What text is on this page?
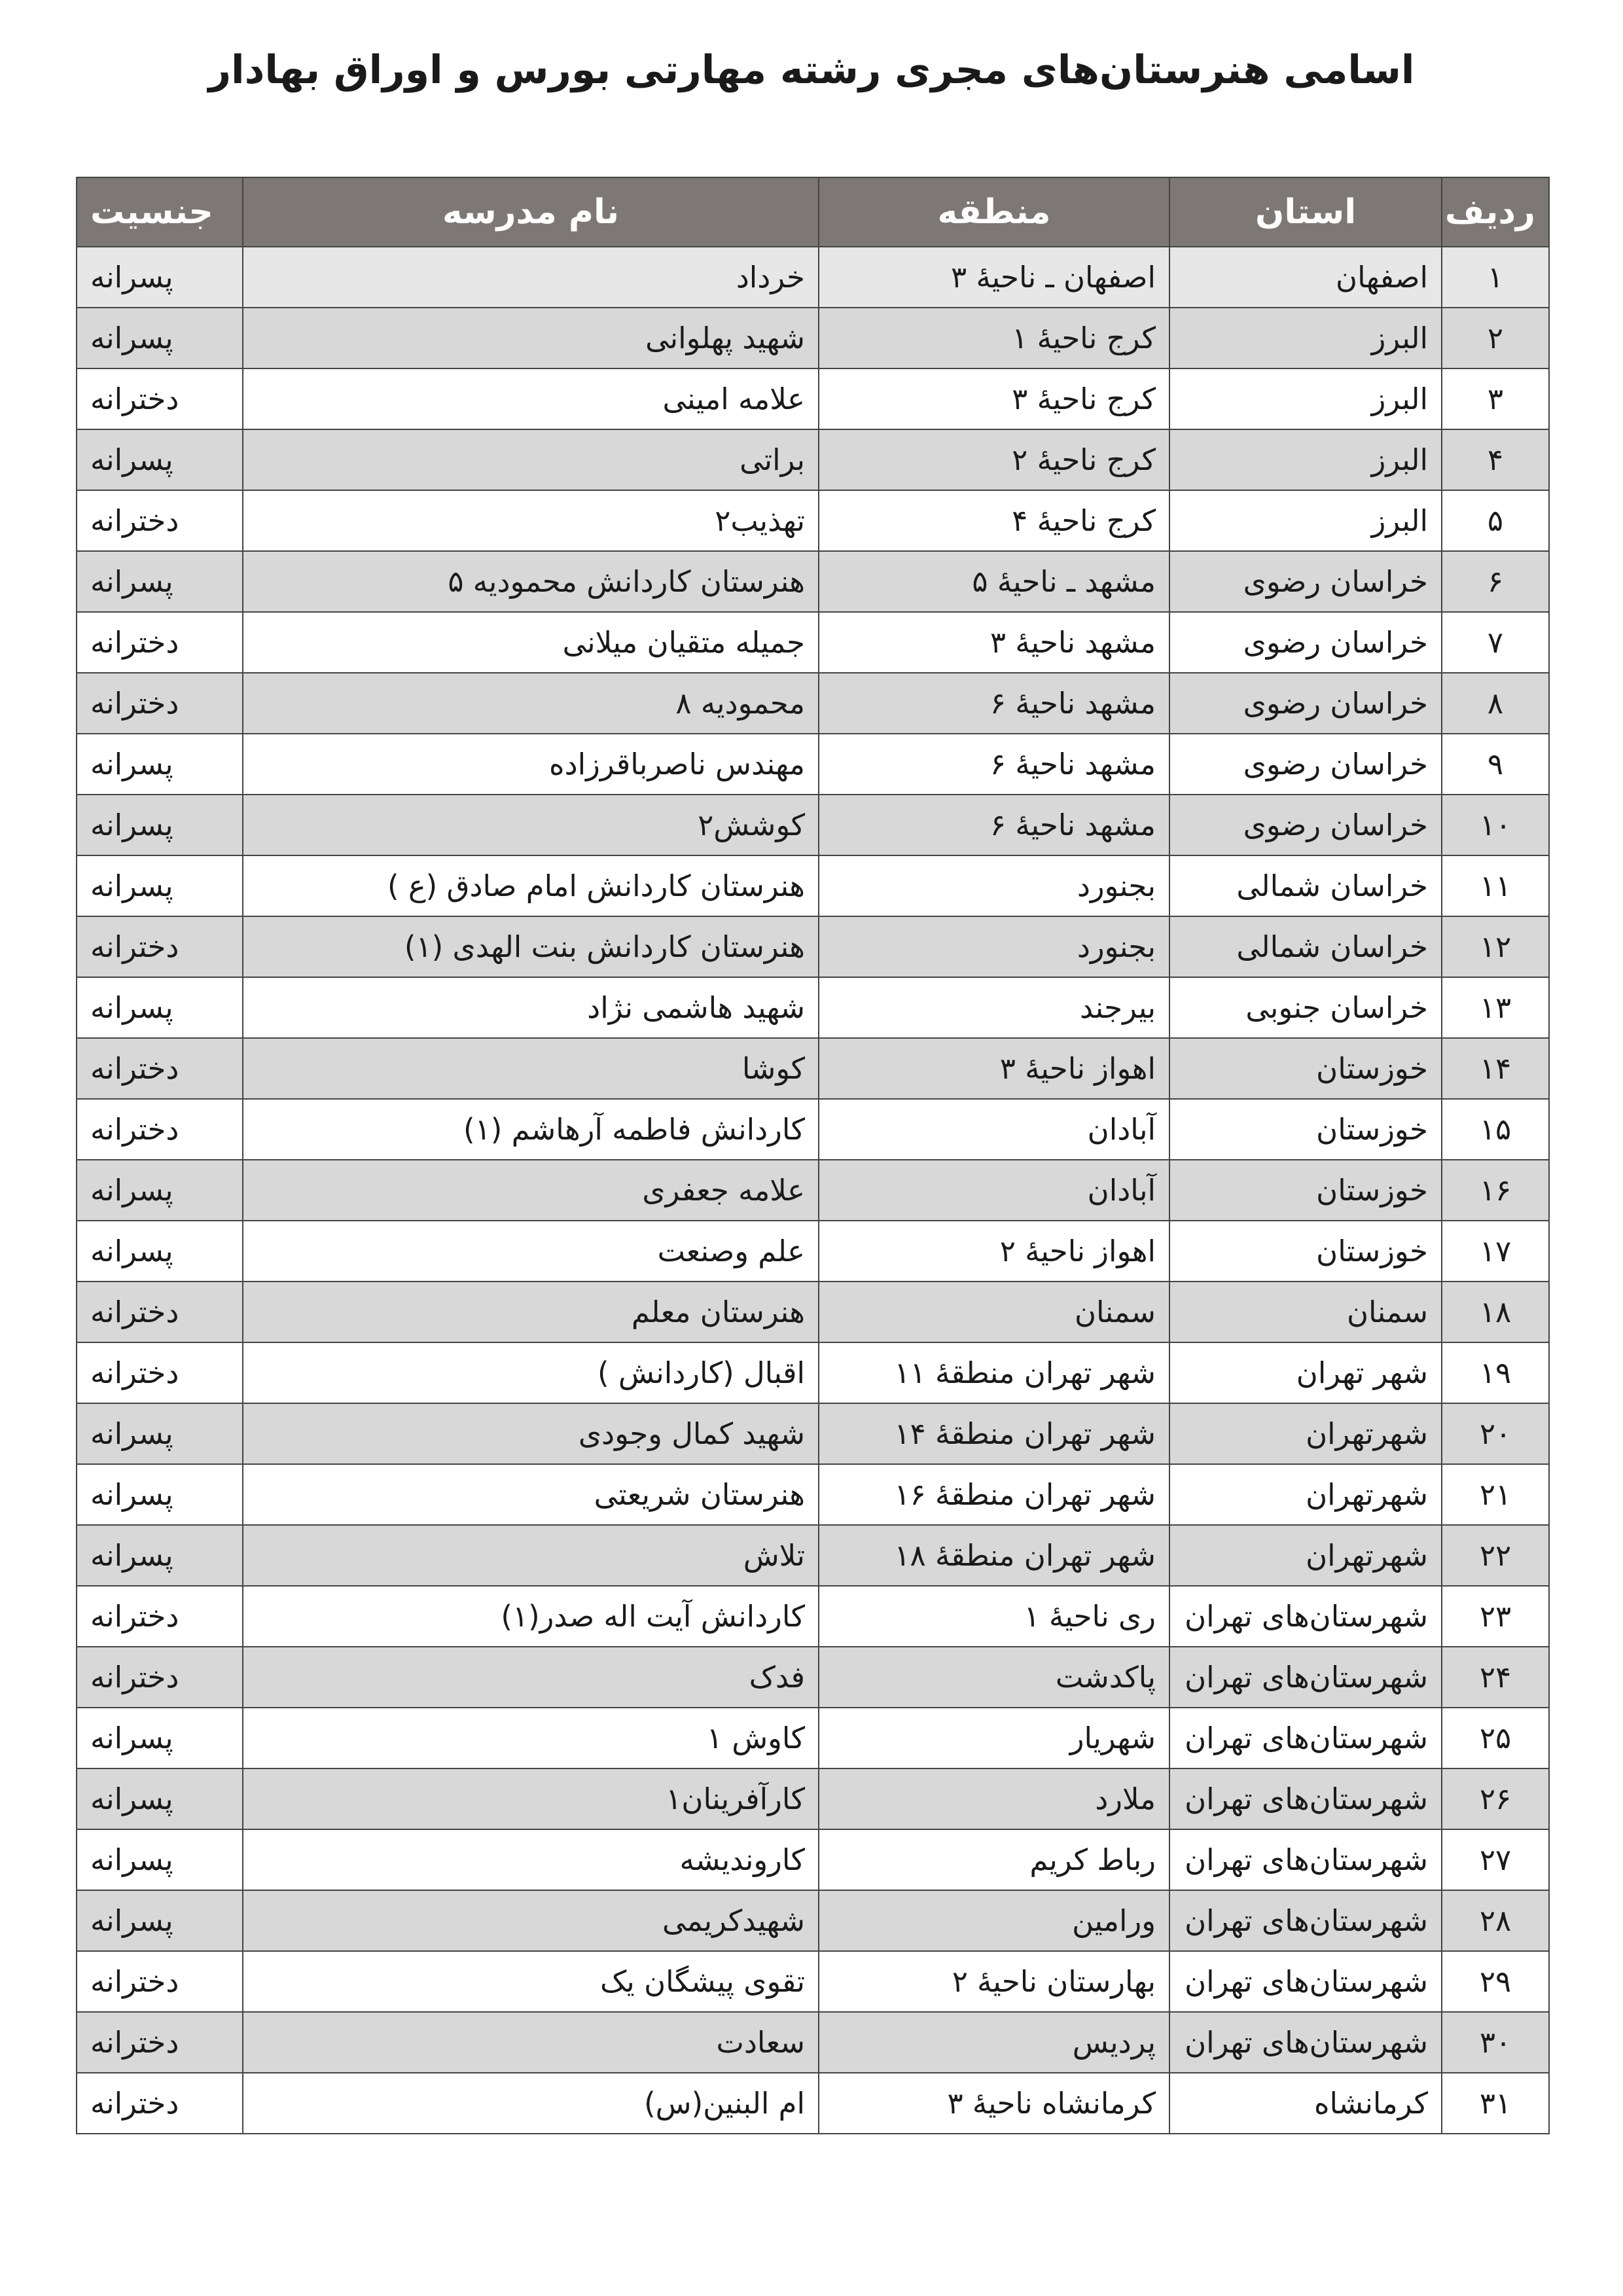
اسامی هنرستان‌های مجری رشته مهارتی بورس و اوراق بهادار
ردیف	استان	منطقه	نام مدرسه	جنسیت
۱	اصفهان	اصفهان ـ ناحیۀ ۳	خرداد	پسرانه
۲	البرز	کرج ناحیۀ ۱	شهید پهلوانی	پسرانه
۳	البرز	کرج ناحیۀ ۳	علامه امینی	دخترانه
۴	البرز	کرج ناحیۀ ۲	براتی	پسرانه
۵	البرز	کرج ناحیۀ ۴	تهذیب۲	دخترانه
۶	خراسان رضوی	مشهد ـ ناحیۀ ۵	هنرستان کاردانش محمودیه ۵	پسرانه
۷	خراسان رضوی	مشهد ناحیۀ ۳	جمیله متقیان میلانی	دخترانه
۸	خراسان رضوی	مشهد ناحیۀ ۶	محمودیه ۸	دخترانه
۹	خراسان رضوی	مشهد ناحیۀ ۶	مهندس ناصرباقرزاده	پسرانه
۱۰	خراسان رضوی	مشهد ناحیۀ ۶	کوشش۲	پسرانه
۱۱	خراسان شمالی	بجنورد	هنرستان کاردانش امام صادق (ع )	پسرانه
۱۲	خراسان شمالی	بجنورد	هنرستان کاردانش بنت الهدی (۱)	دخترانه
۱۳	خراسان جنوبی	بیرجند	شهید هاشمی نژاد	پسرانه
۱۴	خوزستان	اهواز ناحیۀ ۳	کوشا	دخترانه
۱۵	خوزستان	آبادان	کاردانش فاطمه آرهاشم (۱)	دخترانه
۱۶	خوزستان	آبادان	علامه جعفری	پسرانه
۱۷	خوزستان	اهواز ناحیۀ ۲	علم وصنعت	پسرانه
۱۸	سمنان	سمنان	هنرستان معلم	دخترانه
۱۹	شهر تهران	شهر تهران منطقۀ ۱۱	اقبال (کاردانش )	دخترانه
۲۰	شهرتهران	شهر تهران منطقۀ ۱۴	شهید کمال وجودی	پسرانه
۲۱	شهرتهران	شهر تهران منطقۀ ۱۶	هنرستان شریعتی	پسرانه
۲۲	شهرتهران	شهر تهران منطقۀ ۱۸	تلاش	پسرانه
۲۳	شهرستان‌های تهران	ری ناحیۀ ۱	کاردانش آیت اله صدر(۱)	دخترانه
۲۴	شهرستان‌های تهران	پاکدشت	فدک	دخترانه
۲۵	شهرستان‌های تهران	شهریار	کاوش ۱	پسرانه
۲۶	شهرستان‌های تهران	ملارد	کارآفرینان۱	پسرانه
۲۷	شهرستان‌های تهران	رباط کریم	کاروندیشه	پسرانه
۲۸	شهرستان‌های تهران	ورامین	شهیدکریمی	پسرانه
۲۹	شهرستان‌های تهران	بهارستان ناحیۀ ۲	تقوی پیشگان یک	دخترانه
۳۰	شهرستان‌های تهران	پردیس	سعادت	دخترانه
۳۱	کرمانشاه	کرمانشاه ناحیۀ ۳	ام البنین(س)	دخترانه
